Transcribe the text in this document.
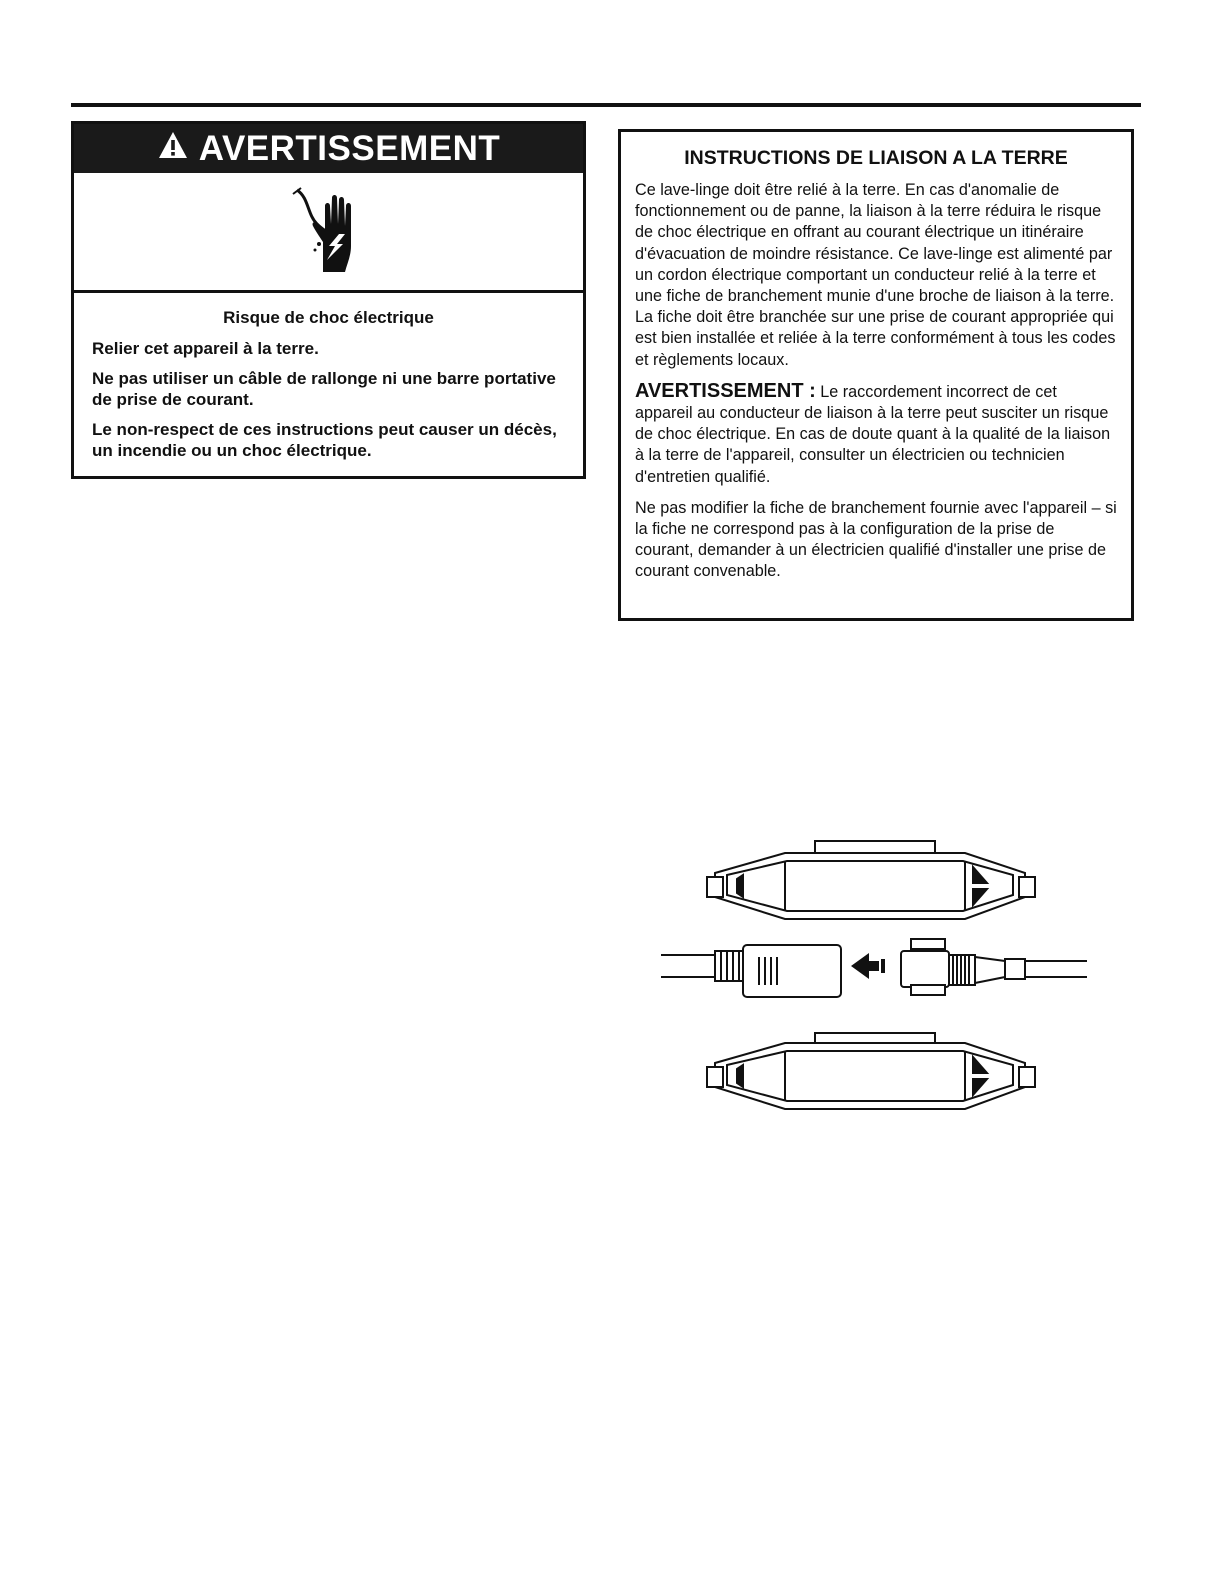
AVERTISSEMENT
Risque de choc électrique

Relier cet appareil à la terre.

Ne pas utiliser un câble de rallonge ni une barre portative de prise de courant.

Le non-respect de ces instructions peut causer un décès, un incendie ou un choc électrique.

INSTRUCTIONS DE LIAISON A LA TERRE

Ce lave-linge doit être relié à la terre. En cas d'anomalie de fonctionnement ou de panne, la liaison à la terre réduira le risque de choc électrique en offrant au courant électrique un itinéraire d'évacuation de moindre résistance. Ce lave-linge est alimenté par un cordon électrique comportant un conducteur relié à la terre et une fiche de branchement munie d'une broche de liaison à la terre. La fiche doit être branchée sur une prise de courant appropriée qui est bien installée et reliée à la terre conformément à tous les codes et règlements locaux.

AVERTISSEMENT : Le raccordement incorrect de cet appareil au conducteur de liaison à la terre peut susciter un risque de choc électrique. En cas de doute quant à la qualité de la liaison à la terre de l'appareil, consulter un électricien ou technicien d'entretien qualifié.

Ne pas modifier la fiche de branchement fournie avec l'appareil – si la fiche ne correspond pas à la configuration de la prise de courant, demander à un électricien qualifié d'installer une prise de courant convenable.
